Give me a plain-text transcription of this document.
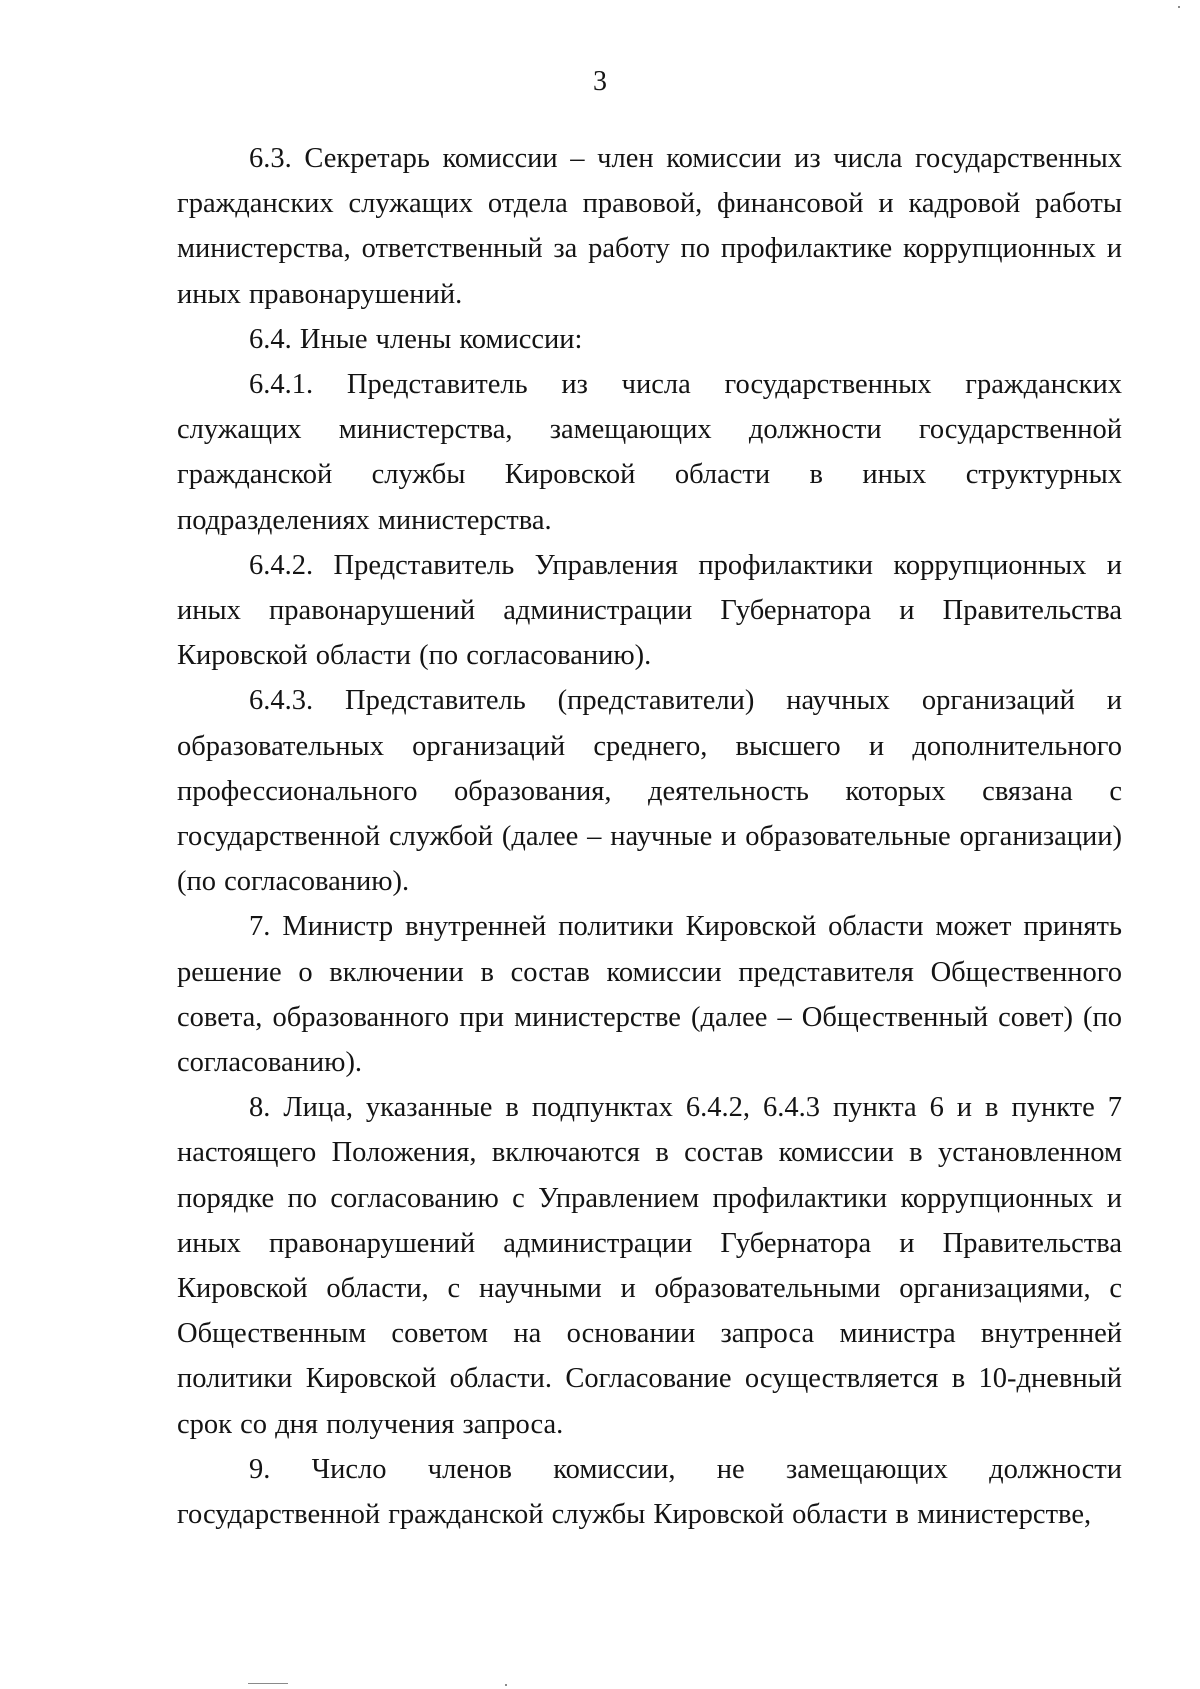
3

6.3. Секретарь комиссии – член комиссии из числа государственных гражданских служащих отдела правовой, финансовой и кадровой работы министерства, ответственный за работу по профилактике коррупционных и иных правонарушений.

6.4. Иные члены комиссии:

6.4.1. Представитель из числа государственных гражданских служащих министерства, замещающих должности государственной гражданской службы Кировской области в иных структурных подразделениях министерства.

6.4.2. Представитель Управления профилактики коррупционных и иных правонарушений администрации Губернатора и Правительства Кировской области (по согласованию).

6.4.3. Представитель (представители) научных организаций и образовательных организаций среднего, высшего и дополнительного профессионального образования, деятельность которых связана с государственной службой (далее – научные и образовательные организации) (по согласованию).

7. Министр внутренней политики Кировской области может принять решение о включении в состав комиссии представителя Общественного совета, образованного при министерстве (далее – Общественный совет) (по согласованию).

8. Лица, указанные в подпунктах 6.4.2, 6.4.3 пункта 6 и в пункте 7 настоящего Положения, включаются в состав комиссии в установленном порядке по согласованию с Управлением профилактики коррупционных и иных правонарушений администрации Губернатора и Правительства Кировской области, с научными и образовательными организациями, с Общественным советом на основании запроса министра внутренней политики Кировской области. Согласование осуществляется в 10-дневный срок со дня получения запроса.

9. Число членов комиссии, не замещающих должности государственной гражданской службы Кировской области в министерстве,
